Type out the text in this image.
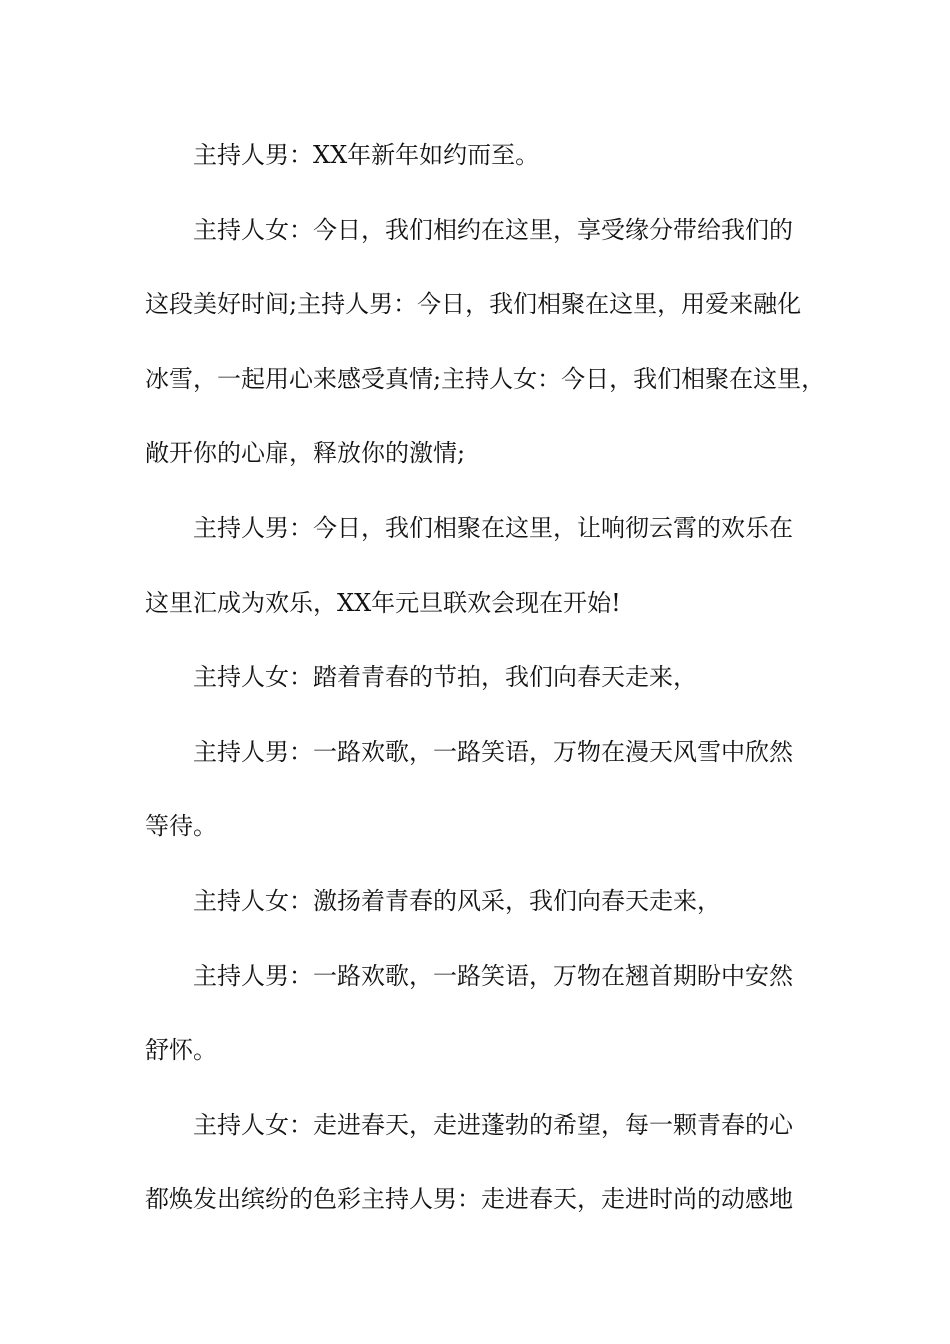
主持人男：XX年新年如约而至。
主持人女：今日，我们相约在这里，享受缘分带给我们的
这段美好时间;主持人男：今日，我们相聚在这里，用爱来融化
冰雪，一起用心来感受真情;主持人女：今日，我们相聚在这里，
敞开你的心扉，释放你的激情;
主持人男：今日，我们相聚在这里，让响彻云霄的欢乐在
这里汇成为欢乐，XX年元旦联欢会现在开始!
主持人女：踏着青春的节拍，我们向春天走来，
主持人男：一路欢歌，一路笑语，万物在漫天风雪中欣然
等待。
主持人女：激扬着青春的风采，我们向春天走来，
主持人男：一路欢歌，一路笑语，万物在翘首期盼中安然
舒怀。
主持人女：走进春天，走进蓬勃的希望，每一颗青春的心
都焕发出缤纷的色彩主持人男：走进春天，走进时尚的动感地
